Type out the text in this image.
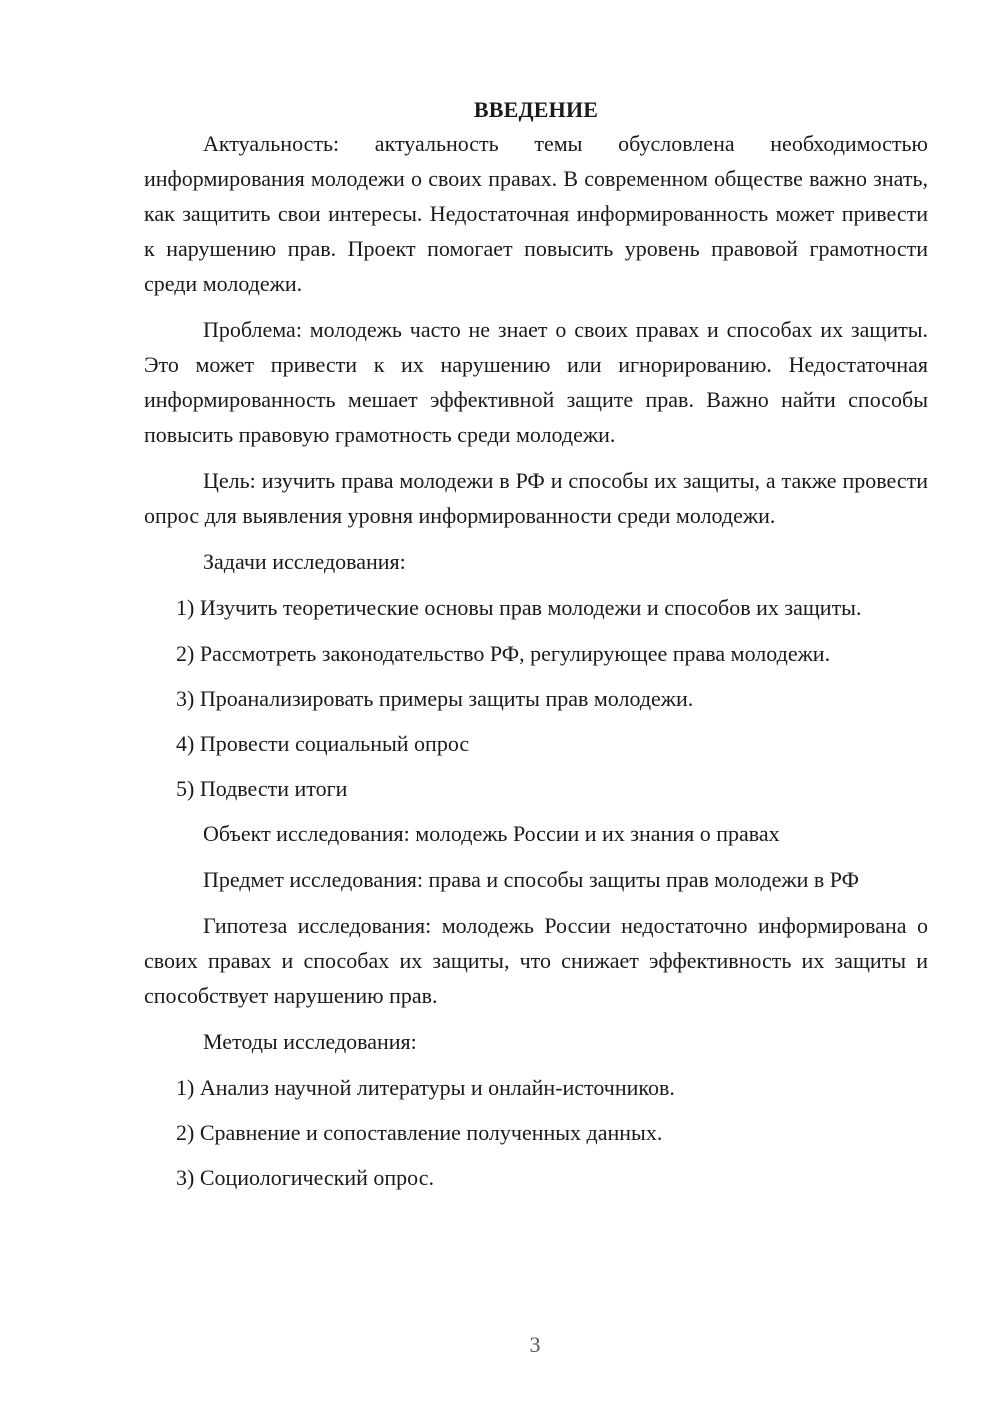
ВВЕДЕНИЕ

Актуальность: актуальность темы обусловлена необходимостью информирования молодежи о своих правах. В современном обществе важно знать, как защитить свои интересы. Недостаточная информированность может привести к нарушению прав. Проект помогает повысить уровень правовой грамотности среди молодежи.

Проблема: молодежь часто не знает о своих правах и способах их защиты. Это может привести к их нарушению или игнорированию. Недостаточная информированность мешает эффективной защите прав. Важно найти способы повысить правовую грамотность среди молодежи.

Цель: изучить права молодежи в РФ и способы их защиты, а также провести опрос для выявления уровня информированности среди молодежи.

Задачи исследования:

1) Изучить теоретические основы прав молодежи и способов их защиты.

2) Рассмотреть законодательство РФ, регулирующее права молодежи.

3) Проанализировать примеры защиты прав молодежи.

4) Провести социальный опрос

5) Подвести итоги

Объект исследования: молодежь России и их знания о правах

Предмет исследования: права и способы защиты прав молодежи в РФ

Гипотеза исследования: молодежь России недостаточно информирована о своих правах и способах их защиты, что снижает эффективность их защиты и способствует нарушению прав.

Методы исследования:

1) Анализ научной литературы и онлайн-источников.

2) Сравнение и сопоставление полученных данных.

3) Социологический опрос.

3
